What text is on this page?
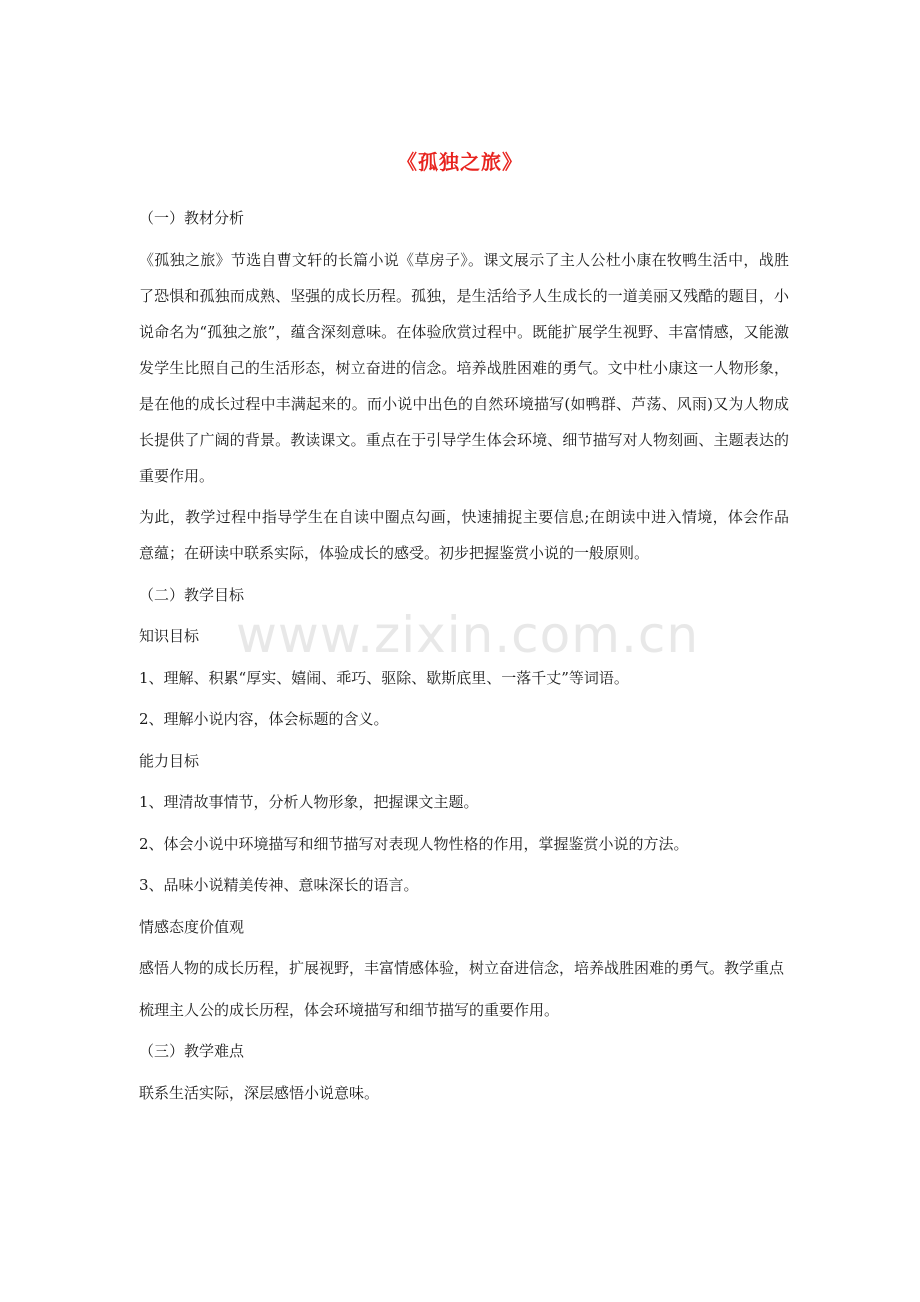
《孤独之旅》
www.zixin.com.cn

（一）教材分析

《孤独之旅》节选自曹文轩的长篇小说《草房子》。课文展示了主人公杜小康在牧鸭生活中，战胜了恐惧和孤独而成熟、坚强的成长历程。孤独，是生活给予人生成长的一道美丽又残酷的题目，小说命名为“孤独之旅”，蕴含深刻意味。在体验欣赏过程中。既能扩展学生视野、丰富情感，又能激发学生比照自己的生活形态，树立奋进的信念。培养战胜困难的勇气。文中杜小康这一人物形象，是在他的成长过程中丰满起来的。而小说中出色的自然环境描写(如鸭群、芦荡、风雨)又为人物成长提供了广阔的背景。教读课文。重点在于引导学生体会环境、细节描写对人物刻画、主题表达的重要作用。

为此，教学过程中指导学生在自读中圈点勾画，快速捕捉主要信息;在朗读中进入情境，体会作品意蕴；在研读中联系实际，体验成长的感受。初步把握鉴赏小说的一般原则。

（二）教学目标

知识目标

1、理解、积累“厚实、嬉闹、乖巧、驱除、歇斯底里、一落千丈”等词语。

2、理解小说内容，体会标题的含义。

能力目标

1、理清故事情节，分析人物形象，把握课文主题。

2、体会小说中环境描写和细节描写对表现人物性格的作用，掌握鉴赏小说的方法。

3、品味小说精美传神、意味深长的语言。

情感态度价值观

感悟人物的成长历程，扩展视野，丰富情感体验，树立奋进信念，培养战胜困难的勇气。教学重点

梳理主人公的成长历程，体会环境描写和细节描写的重要作用。

（三）教学难点

联系生活实际，深层感悟小说意味。
